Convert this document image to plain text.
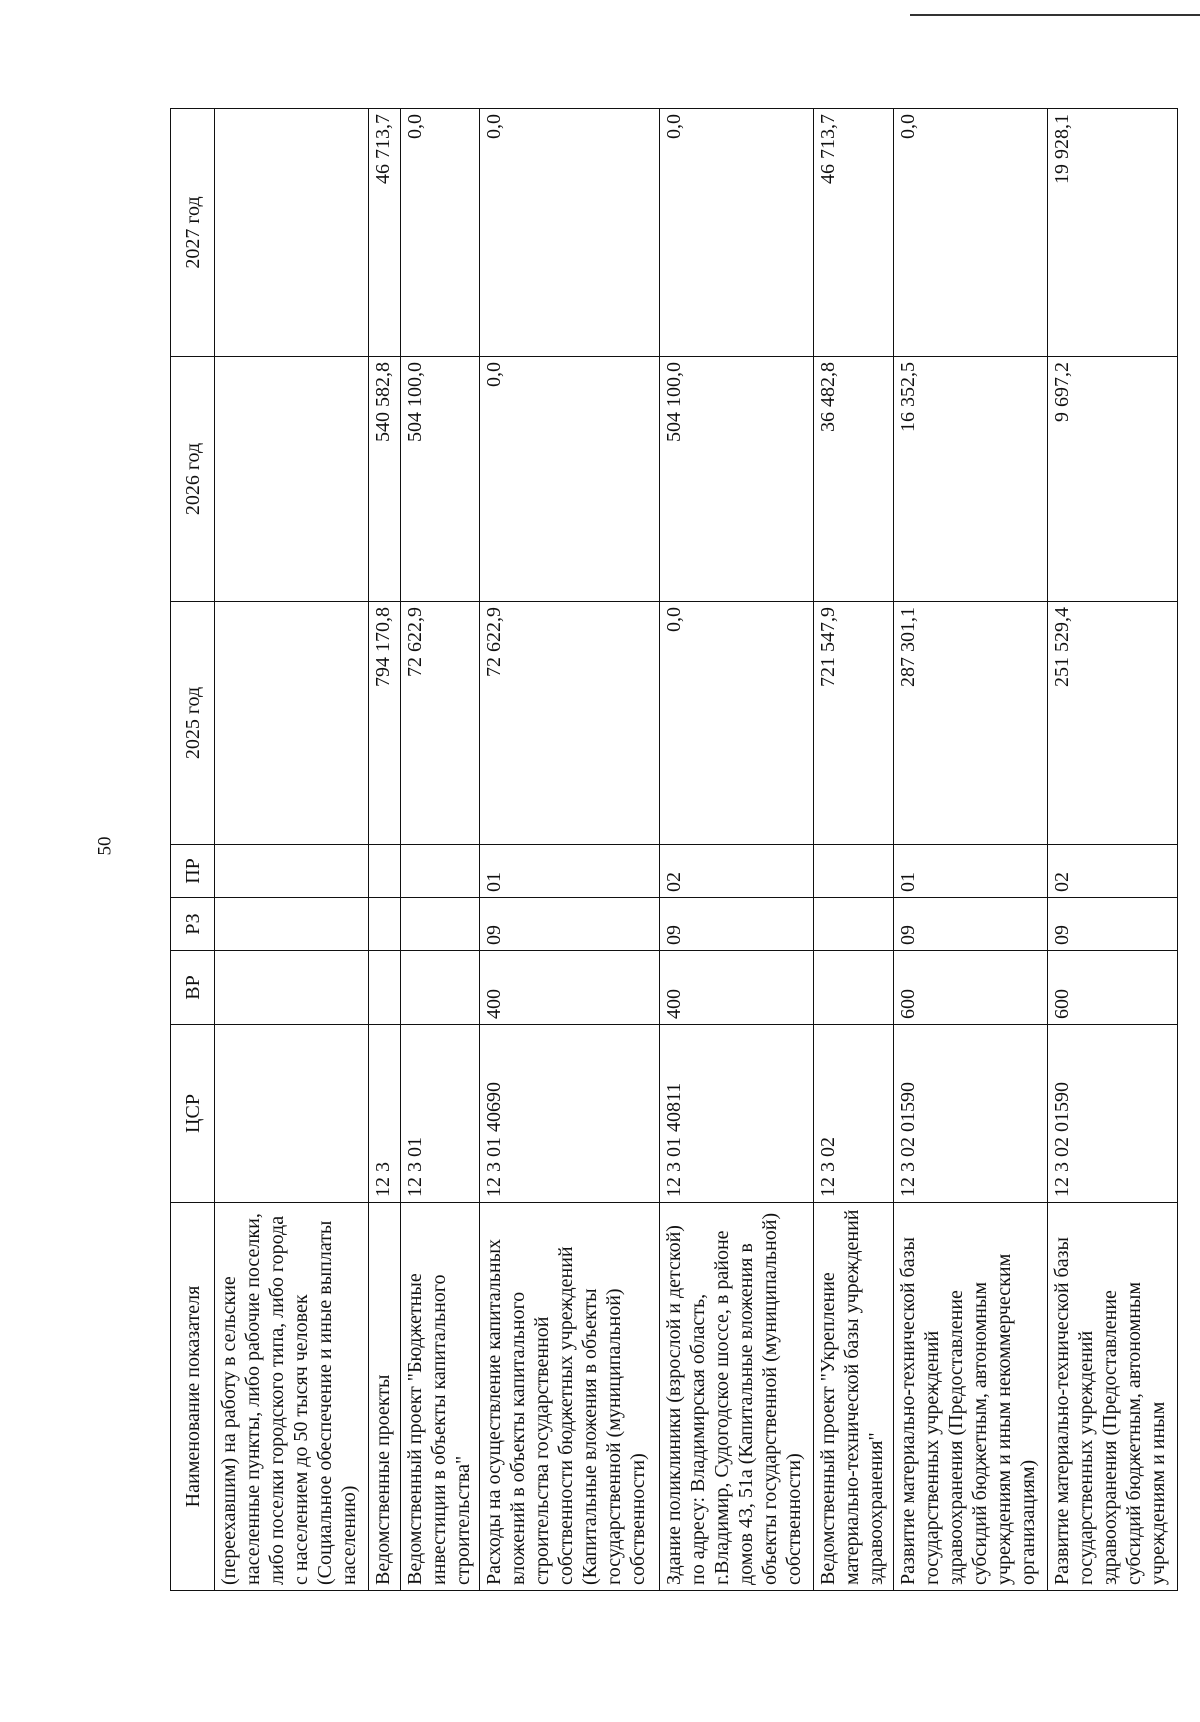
50
Наименование показателя	ЦСР	ВР	РЗ	ПР	2025 год	2026 год	2027 год
(переехавшим) на работу в сельские населенные пункты, либо рабочие поселки, либо поселки городского типа, либо города с населением до 50 тысяч человек (Социальное обеспечение и иные выплаты населению)							
Ведомственные проекты	12 3				794 170,8	540 582,8	46 713,7
Ведомственный проект "Бюджетные инвестиции в объекты капитального строительства"	12 3 01				72 622,9	504 100,0	0,0
Расходы на осуществление капитальных вложений в объекты капитального строительства государственной собственности бюджетных учреждений (Капитальные вложения в объекты государственной (муниципальной) собственности)	12 3 01 40690	400	09	01	72 622,9	0,0	0,0
Здание поликлиники (взрослой и детской) по адресу: Владимирская область, г.Владимир, Судогодское шоссе, в районе домов 43, 51а (Капитальные вложения в объекты государственной (муниципальной) собственности)	12 3 01 40811	400	09	02	0,0	504 100,0	0,0
Ведомственный проект "Укрепление материально-технической базы учреждений здравоохранения"	12 3 02				721 547,9	36 482,8	46 713,7
Развитие материально-технической базы государственных учреждений здравоохранения (Предоставление субсидий бюджетным, автономным учреждениям и иным некоммерческим организациям)	12 3 02 01590	600	09	01	287 301,1	16 352,5	0,0
Развитие материально-технической базы государственных учреждений здравоохранения (Предоставление субсидий бюджетным, автономным учреждениям и иным	12 3 02 01590	600	09	02	251 529,4	9 697,2	19 928,1
